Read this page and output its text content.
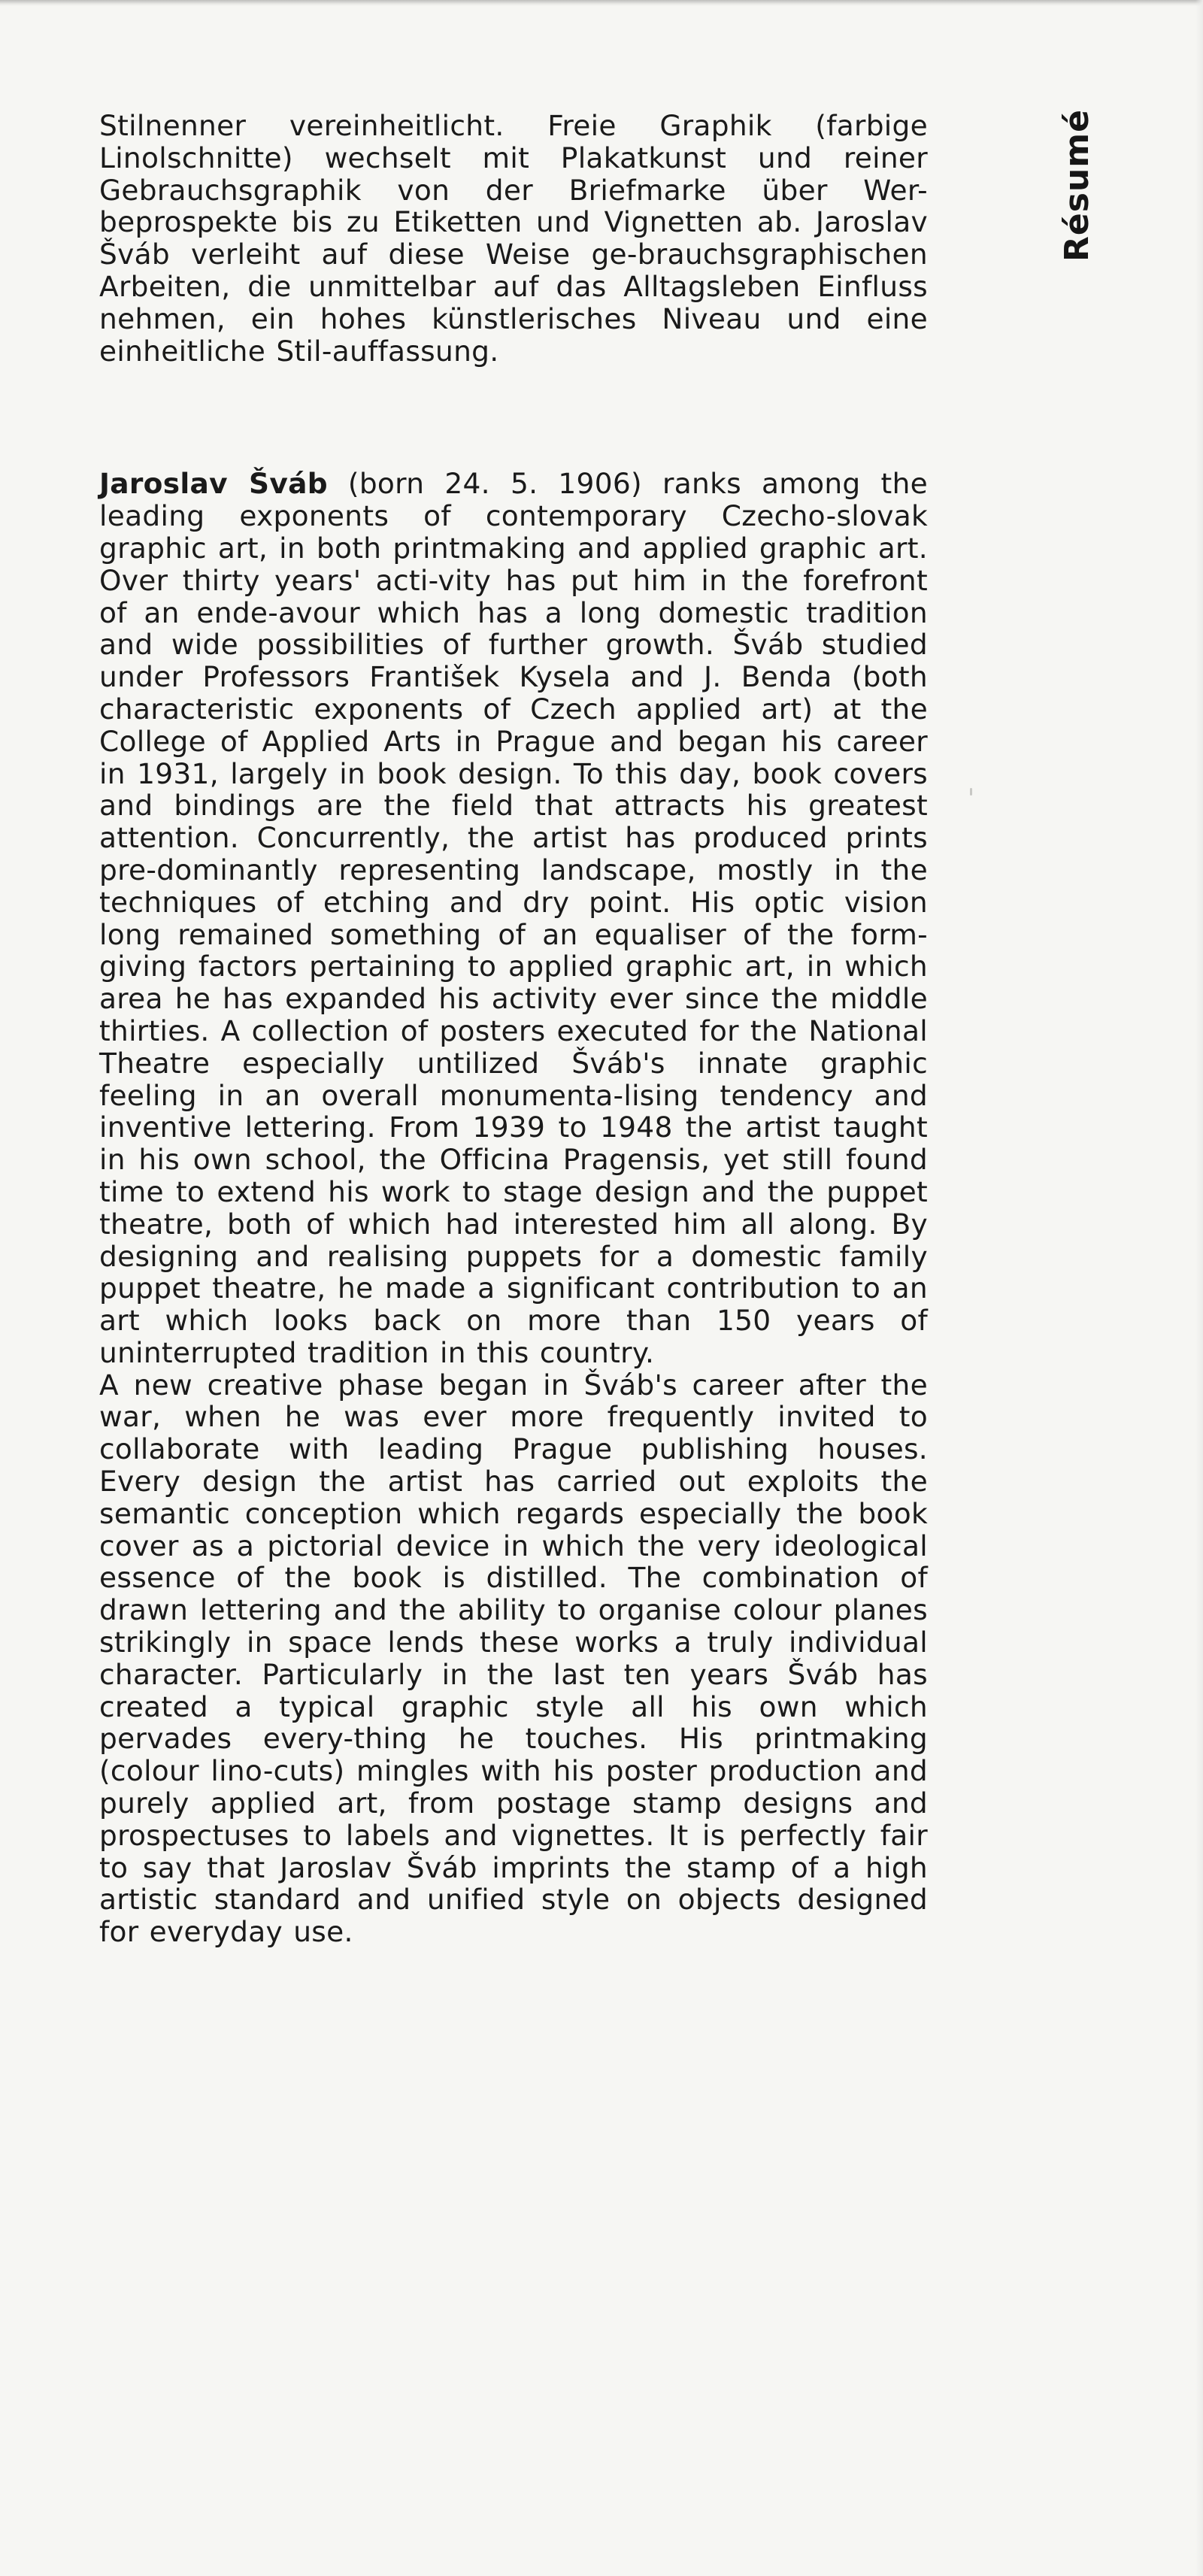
Résumé

Stilnenner vereinheitlicht. Freie Graphik (farbige Linolschnitte) wechselt mit Plakatkunst und reiner Gebrauchsgraphik von der Briefmarke über Wer-beprospekte bis zu Etiketten und Vignetten ab. Jaroslav Šváb verleiht auf diese Weise ge-brauchsgraphischen Arbeiten, die unmittelbar auf das Alltagsleben Einfluss nehmen, ein hohes künstlerisches Niveau und eine einheitliche Stil-auffassung.

Jaroslav Šváb (born 24. 5. 1906) ranks among the leading exponents of contemporary Czecho-slovak graphic art, in both printmaking and applied graphic art. Over thirty years' acti-vity has put him in the forefront of an ende-avour which has a long domestic tradition and wide possibilities of further growth. Šváb studied under Professors František Kysela and J. Benda (both characteristic exponents of Czech applied art) at the College of Applied Arts in Prague and began his career in 1931, largely in book design. To this day, book covers and bindings are the field that attracts his greatest attention. Concurrently, the artist has produced prints pre-dominantly representing landscape, mostly in the techniques of etching and dry point. His optic vision long remained something of an equaliser of the form-giving factors pertaining to applied graphic art, in which area he has expanded his activity ever since the middle thirties. A collection of posters executed for the National Theatre especially untilized Šváb's innate graphic feeling in an overall monumenta-lising tendency and inventive lettering. From 1939 to 1948 the artist taught in his own school, the Officina Pragensis, yet still found time to extend his work to stage design and the puppet theatre, both of which had interested him all along. By designing and realising puppets for a domestic family puppet theatre, he made a significant contribution to an art which looks back on more than 150 years of uninterrupted tradition in this country.

A new creative phase began in Šváb's career after the war, when he was ever more frequently invited to collaborate with leading Prague publishing houses. Every design the artist has carried out exploits the semantic conception which regards especially the book cover as a pictorial device in which the very ideological essence of the book is distilled. The combination of drawn lettering and the ability to organise colour planes strikingly in space lends these works a truly individual character. Particularly in the last ten years Šváb has created a typical graphic style all his own which pervades every-thing he touches. His printmaking (colour lino-cuts) mingles with his poster production and purely applied art, from postage stamp designs and prospectuses to labels and vignettes. It is perfectly fair to say that Jaroslav Šváb imprints the stamp of a high artistic standard and unified style on objects designed for everyday use.
